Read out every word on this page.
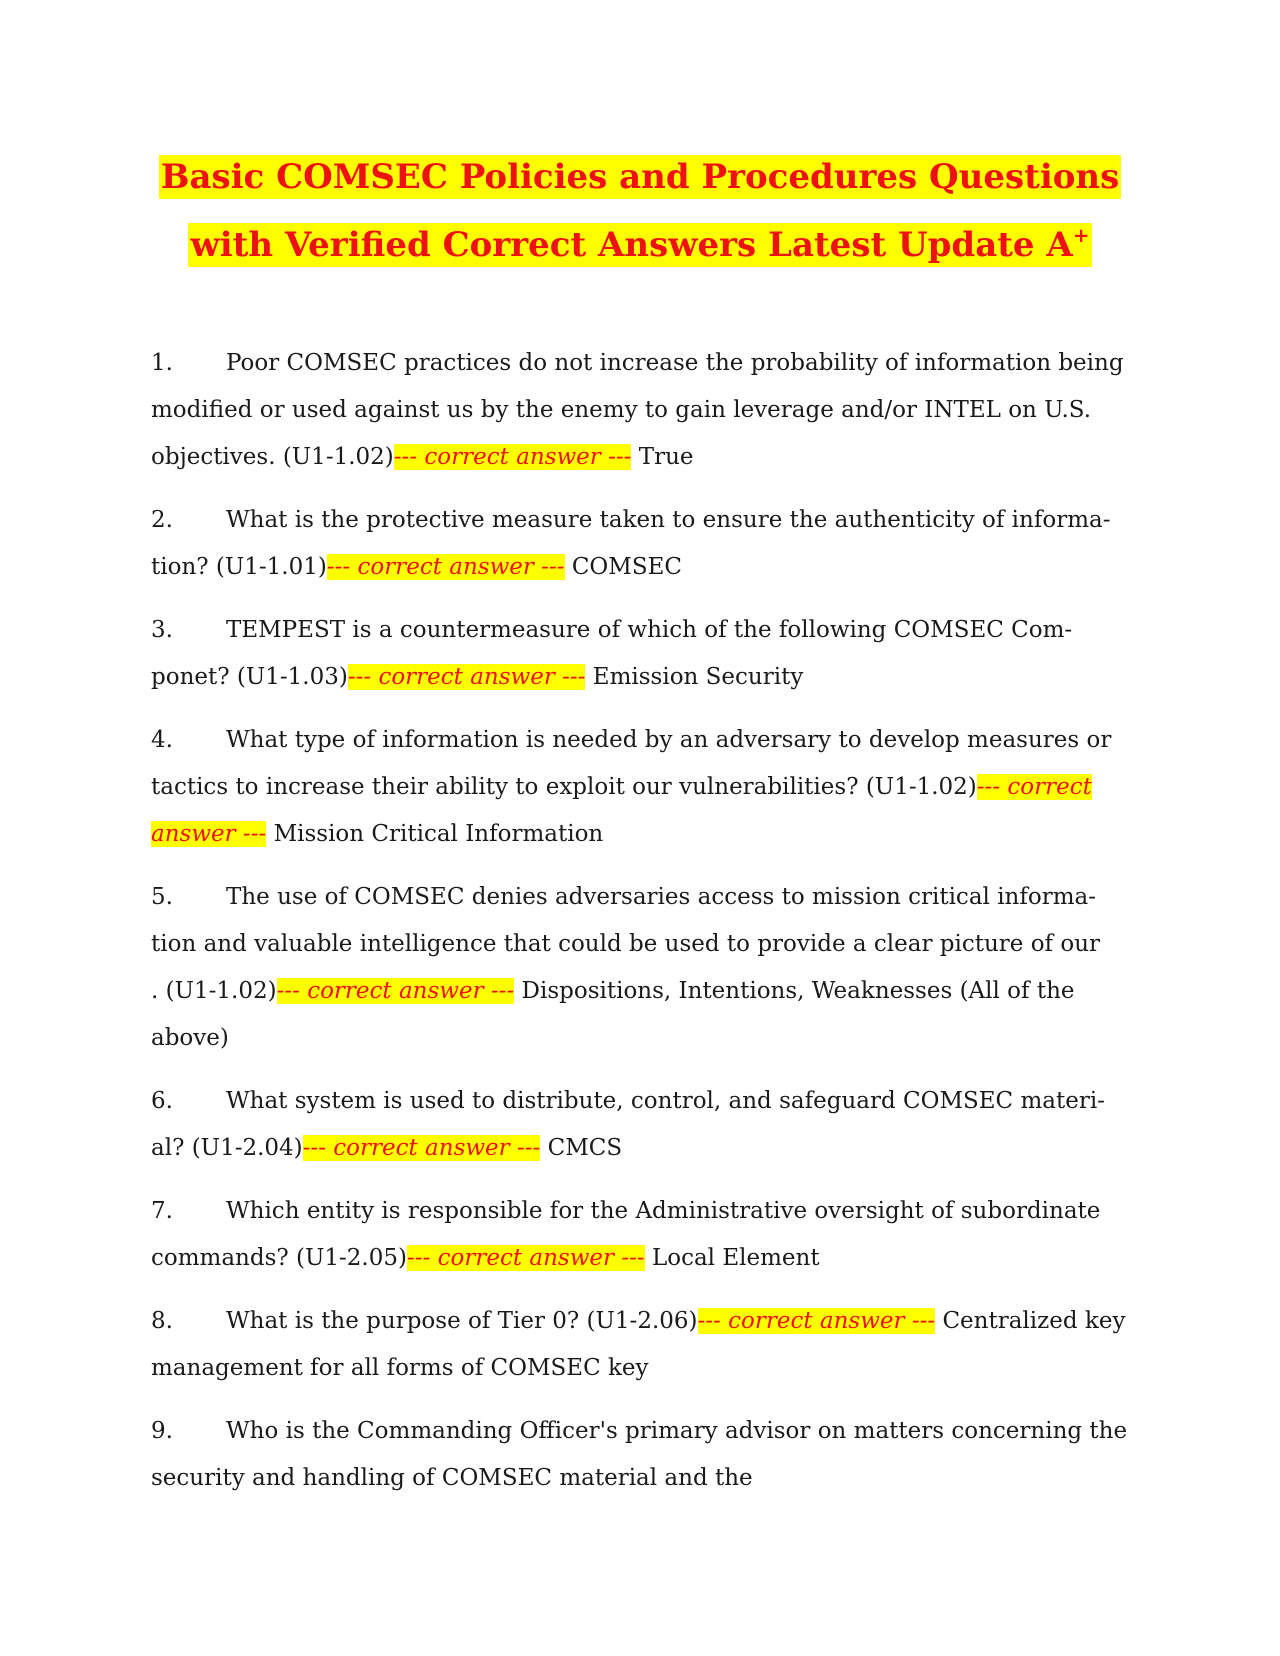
Basic COMSEC Policies and Procedures Questions
with Verified Correct Answers Latest Update A+

1. Poor COMSEC practices do not increase the probability of information being modified or used against us by the enemy to gain leverage and/or INTEL on U.S. objectives. (U1-1.02)--- correct answer --- True

2. What is the protective measure taken to ensure the authenticity of informa- tion? (U1-1.01)--- correct answer --- COMSEC

3. TEMPEST is a countermeasure of which of the following COMSEC Com- ponet? (U1-1.03)--- correct answer --- Emission Security

4. What type of information is needed by an adversary to develop measures or tactics to increase their ability to exploit our vulnerabilities? (U1-1.02)--- correct answer --- Mission Critical Information

5. The use of COMSEC denies adversaries access to mission critical informa- tion and valuable intelligence that could be used to provide a clear picture of our      . (U1-1.02)--- correct answer --- Dispositions, Intentions, Weaknesses (All of the above)

6. What system is used to distribute, control, and safeguard COMSEC materi- al? (U1-2.04)--- correct answer --- CMCS

7. Which entity is responsible for the Administrative oversight of subordinate commands? (U1-2.05)--- correct answer --- Local Element

8. What is the purpose of Tier 0? (U1-2.06)--- correct answer --- Centralized key management for all forms of COMSEC key

9. Who is the Commanding Officer's primary advisor on matters concerning the security and handling of COMSEC material and the
